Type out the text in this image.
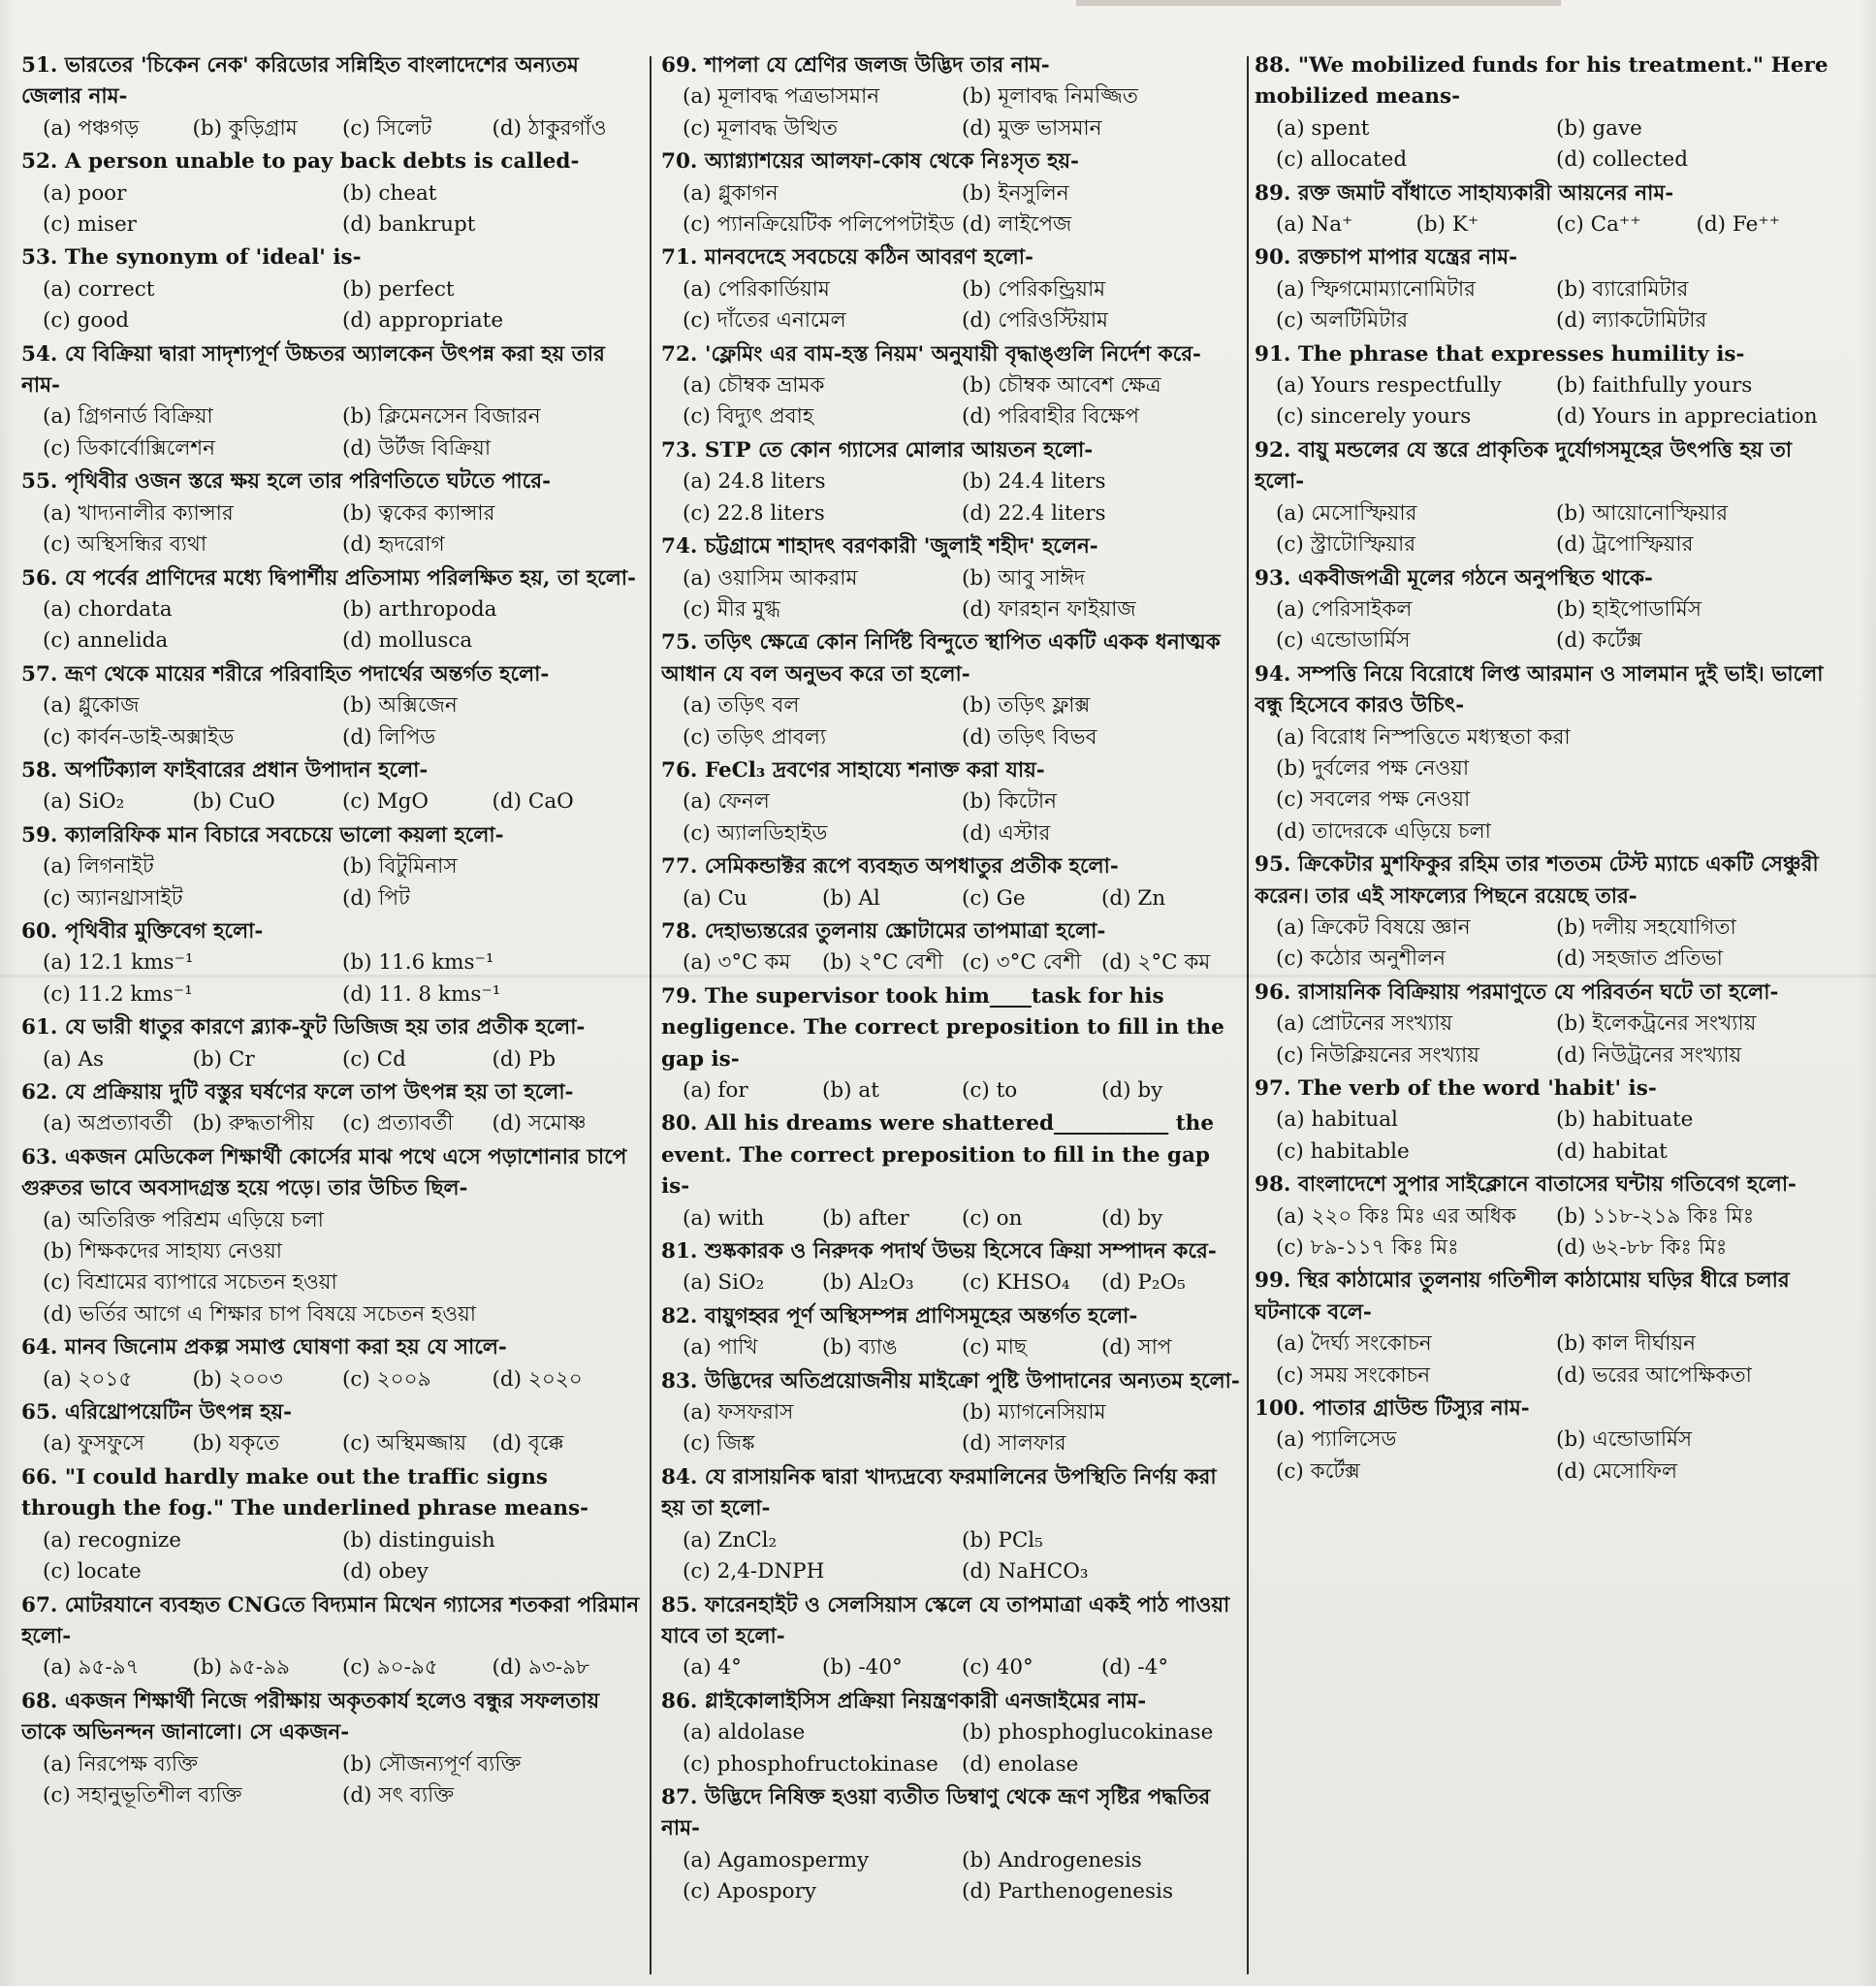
51. ভারতের 'চিকেন নেক' করিডোর সন্নিহিত বাংলাদেশের অন্যতম জেলার নাম-
(a) পঞ্চগড়	(b) কুড়িগ্রাম	(c) সিলেট	(d) ঠাকুরগাঁও
52. A person unable to pay back debts is called-
(a) poor	(b) cheat
(c) miser	(d) bankrupt
53. The synonym of 'ideal' is-
(a) correct	(b) perfect
(c) good	(d) appropriate
54. যে বিক্রিয়া দ্বারা সাদৃশ্যপূর্ণ উচ্চতর অ্যালকেন উৎপন্ন করা হয় তার নাম-
(a) গ্রিগনার্ড বিক্রিয়া	(b) ক্লিমেনসেন বিজারন
(c) ডিকার্বোক্সিলেশন	(d) উর্টজ বিক্রিয়া
55. পৃথিবীর ওজন স্তরে ক্ষয় হলে তার পরিণতিতে ঘটতে পারে-
(a) খাদ্যনালীর ক্যান্সার	(b) ত্বকের ক্যান্সার
(c) অস্থিসন্ধির ব্যথা	(d) হৃদরোগ
56. যে পর্বের প্রাণিদের মধ্যে দ্বিপার্শীয় প্রতিসাম্য পরিলক্ষিত হয়, তা হলো-
(a) chordata	(b) arthropoda
(c) annelida	(d) mollusca
57. ভ্রূণ থেকে মায়ের শরীরে পরিবাহিত পদার্থের অন্তর্গত হলো-
(a) গ্লুকোজ	(b) অক্সিজেন
(c) কার্বন-ডাই-অক্সাইড	(d) লিপিড
58. অপটিক্যাল ফাইবারের প্রধান উপাদান হলো-
(a) SiO₂	(b) CuO	(c) MgO	(d) CaO
59. ক্যালরিফিক মান বিচারে সবচেয়ে ভালো কয়লা হলো-
(a) লিগনাইট	(b) বিটুমিনাস
(c) অ্যানথ্রাসাইট	(d) পিট
60. পৃথিবীর মুক্তিবেগ হলো-
(a) 12.1 kms⁻¹	(b) 11.6 kms⁻¹
(c) 11.2 kms⁻¹	(d) 11. 8 kms⁻¹
61. যে ভারী ধাতুর কারণে ব্ল্যাক-ফুট ডিজিজ হয় তার প্রতীক হলো-
(a) As	(b) Cr	(c) Cd	(d) Pb
62. যে প্রক্রিয়ায় দুটি বস্তুর ঘর্ষণের ফলে তাপ উৎপন্ন হয় তা হলো-
(a) অপ্রত্যাবর্তী (b) রুদ্ধতাপীয়	(c) প্রত্যাবর্তী	(d) সমোষ্ণ
63. একজন মেডিকেল শিক্ষার্থী কোর্সের মাঝ পথে এসে পড়াশোনার চাপে গুরুতর ভাবে অবসাদগ্রস্ত হয়ে পড়ে। তার উচিত ছিল-
(a) অতিরিক্ত পরিশ্রম এড়িয়ে চলা
(b) শিক্ষকদের সাহায্য নেওয়া
(c) বিশ্রামের ব্যাপারে সচেতন হওয়া
(d) ভর্তির আগে এ শিক্ষার চাপ বিষয়ে সচেতন হওয়া
64. মানব জিনোম প্রকল্প সমাপ্ত ঘোষণা করা হয় যে সালে-
(a) ২০১৫	(b) ২০০৩	(c) ২০০৯	(d) ২০২০
65. এরিথ্রোপয়েটিন উৎপন্ন হয়-
(a) ফুসফুসে	(b) যকৃতে	(c) অস্থিমজ্জায়	(d) বৃক্কে
66. "I could hardly make out the traffic signs through the fog." The underlined phrase means-
(a) recognize	(b) distinguish
(c) locate	(d) obey
67. মোটরযানে ব্যবহৃত CNGতে বিদ্যমান মিথেন গ্যাসের শতকরা পরিমান হলো-
(a) ৯৫-৯৭	(b) ৯৫-৯৯	(c) ৯০-৯৫	(d) ৯৩-৯৮
68. একজন শিক্ষার্থী নিজে পরীক্ষায় অকৃতকার্য হলেও বন্ধুর সফলতায় তাকে অভিনন্দন জানালো। সে একজন-
(a) নিরপেক্ষ ব্যক্তি	(b) সৌজন্যপূর্ণ ব্যক্তি
(c) সহানুভূতিশীল ব্যক্তি	(d) সৎ ব্যক্তি
69. শাপলা যে শ্রেণির জলজ উদ্ভিদ তার নাম-
(a) মূলাবদ্ধ পত্রভাসমান	(b) মূলাবদ্ধ নিমজ্জিত
(c) মূলাবদ্ধ উত্থিত	(d) মুক্ত ভাসমান
70. অ্যাগ্ন্যাশয়ের আলফা-কোষ থেকে নিঃসৃত হয়-
(a) গ্লুকাগন	(b) ইনসুলিন
(c) প্যানক্রিয়েটিক পলিপেপটাইড (d) লাইপেজ
71. মানবদেহে সবচেয়ে কঠিন আবরণ হলো-
(a) পেরিকার্ডিয়াম	(b) পেরিকন্ড্রিয়াম
(c) দাঁতের এনামেল	(d) পেরিওস্টিয়াম
72. 'ফ্লেমিং এর বাম-হস্ত নিয়ম' অনুযায়ী বৃদ্ধাঙ্গুলি নির্দেশ করে-
(a) চৌম্বক ভ্রামক	(b) চৌম্বক আবেশ ক্ষেত্র
(c) বিদ্যুৎ প্রবাহ	(d) পরিবাহীর বিক্ষেপ
73. STP তে কোন গ্যাসের মোলার আয়তন হলো-
(a) 24.8 liters	(b) 24.4 liters
(c) 22.8 liters	(d) 22.4 liters
74. চট্টগ্রামে শাহাদৎ বরণকারী 'জুলাই শহীদ' হলেন-
(a) ওয়াসিম আকরাম	(b) আবু সাঈদ
(c) মীর মুগ্ধ	(d) ফারহান ফাইয়াজ
75. তড়িৎ ক্ষেত্রে কোন নির্দিষ্ট বিন্দুতে স্থাপিত একটি একক ধনাত্মক আধান যে বল অনুভব করে তা হলো-
(a) তড়িৎ বল	(b) তড়িৎ ফ্লাক্স
(c) তড়িৎ প্রাবল্য	(d) তড়িৎ বিভব
76. FeCl₃ দ্রবণের সাহায্যে শনাক্ত করা যায়-
(a) ফেনল	(b) কিটোন
(c) অ্যালডিহাইড	(d) এস্টার
77. সেমিকন্ডাক্টর রূপে ব্যবহৃত অপধাতুর প্রতীক হলো-
(a) Cu	(b) Al	(c) Ge	(d) Zn
78. দেহাভ্যন্তরের তুলনায় স্ক্রোটামের তাপমাত্রা হলো-
(a) ৩°C কম	(b) ২°C বেশী (c) ৩°C বেশী (d) ২°C কম
79. The supervisor took him____task for his negligence. The correct preposition to fill in the gap is-
(a) for	(b) at	(c) to	(d) by
80. All his dreams were shattered___________ the event. The correct preposition to fill in the gap is-
(a) with	(b) after	(c) on	(d) by
81. শুষ্ককারক ও নিরুদক পদার্থ উভয় হিসেবে ক্রিয়া সম্পাদন করে-
(a) SiO₂	(b) Al₂O₃	(c) KHSO₄	(d) P₂O₅
82. বায়ুগহ্বর পূর্ণ অস্থিসম্পন্ন প্রাণিসমূহের অন্তর্গত হলো-
(a) পাখি	(b) ব্যাঙ	(c) মাছ	(d) সাপ
83. উদ্ভিদের অতিপ্রয়োজনীয় মাইক্রো পুষ্টি উপাদানের অন্যতম হলো-
(a) ফসফরাস	(b) ম্যাগনেসিয়াম
(c) জিঙ্ক	(d) সালফার
84. যে রাসায়নিক দ্বারা খাদ্যদ্রব্যে ফরমালিনের উপস্থিতি নির্ণয় করা হয় তা হলো-
(a) ZnCl₂	(b) PCl₅
(c) 2,4-DNPH	(d) NaHCO₃
85. ফারেনহাইট ও সেলসিয়াস স্কেলে যে তাপমাত্রা একই পাঠ পাওয়া যাবে তা হলো-
(a) 4°	(b) -40°	(c) 40°	(d) -4°
86. গ্লাইকোলাইসিস প্রক্রিয়া নিয়ন্ত্রণকারী এনজাইমের নাম-
(a) aldolase	(b) phosphoglucokinase
(c) phosphofructokinase	(d) enolase
87. উদ্ভিদে নিষিক্ত হওয়া ব্যতীত ডিম্বাণু থেকে ভ্রূণ সৃষ্টির পদ্ধতির নাম-
(a) Agamospermy	(b) Androgenesis
(c) Apospory	(d) Parthenogenesis
88. "We mobilized funds for his treatment." Here mobilized means-
(a) spent	(b) gave
(c) allocated	(d) collected
89. রক্ত জমাট বাঁধাতে সাহায্যকারী আয়নের নাম-
(a) Na⁺	(b) K⁺	(c) Ca⁺⁺	(d) Fe⁺⁺
90. রক্তচাপ মাপার যন্ত্রের নাম-
(a) স্ফিগমোম্যানোমিটার	(b) ব্যারোমিটার
(c) অলটিমিটার	(d) ল্যাকটোমিটার
91. The phrase that expresses humility is-
(a) Yours respectfully	(b) faithfully yours
(c) sincerely yours	(d) Yours in appreciation
92. বায়ু মন্ডলের যে স্তরে প্রাকৃতিক দুর্যোগসমূহের উৎপত্তি হয় তা হলো-
(a) মেসোস্ফিয়ার	(b) আয়োনোস্ফিয়ার
(c) স্ট্রাটোস্ফিয়ার	(d) ট্রপোস্ফিয়ার
93. একবীজপত্রী মূলের গঠনে অনুপস্থিত থাকে-
(a) পেরিসাইকল	(b) হাইপোডার্মিস
(c) এন্ডোডার্মিস	(d) কর্টেক্স
94. সম্পত্তি নিয়ে বিরোধে লিপ্ত আরমান ও সালমান দুই ভাই। ভালো বন্ধু হিসেবে কারও উচিৎ-
(a) বিরোধ নিস্পত্তিতে মধ্যস্থতা করা
(b) দুর্বলের পক্ষ নেওয়া
(c) সবলের পক্ষ নেওয়া
(d) তাদেরকে এড়িয়ে চলা
95. ক্রিকেটার মুশফিকুর রহিম তার শততম টেস্ট ম্যাচে একটি সেঞ্চুরী করেন। তার এই সাফল্যের পিছনে রয়েছে তার-
(a) ক্রিকেট বিষয়ে জ্ঞান	(b) দলীয় সহযোগিতা
(c) কঠোর অনুশীলন	(d) সহজাত প্রতিভা
96. রাসায়নিক বিক্রিয়ায় পরমাণুতে যে পরিবর্তন ঘটে তা হলো-
(a) প্রোটনের সংখ্যায়	(b) ইলেকট্রনের সংখ্যায়
(c) নিউক্লিয়নের সংখ্যায়	(d) নিউট্রনের সংখ্যায়
97. The verb of the word 'habit' is-
(a) habitual	(b) habituate
(c) habitable	(d) habitat
98. বাংলাদেশে সুপার সাইক্লোনে বাতাসের ঘন্টায় গতিবেগ হলো-
(a) ২২০ কিঃ মিঃ এর অধিক	(b) ১১৮-২১৯ কিঃ মিঃ
(c) ৮৯-১১৭ কিঃ মিঃ	(d) ৬২-৮৮ কিঃ মিঃ
99. স্থির কাঠামোর তুলনায় গতিশীল কাঠামোয় ঘড়ির ধীরে চলার ঘটনাকে বলে-
(a) দৈর্ঘ্য সংকোচন	(b) কাল দীর্ঘায়ন
(c) সময় সংকোচন	(d) ভরের আপেক্ষিকতা
100. পাতার গ্রাউন্ড টিস্যুর নাম-
(a) প্যালিসেড	(b) এন্ডোডার্মিস
(c) কর্টেক্স	(d) মেসোফিল
